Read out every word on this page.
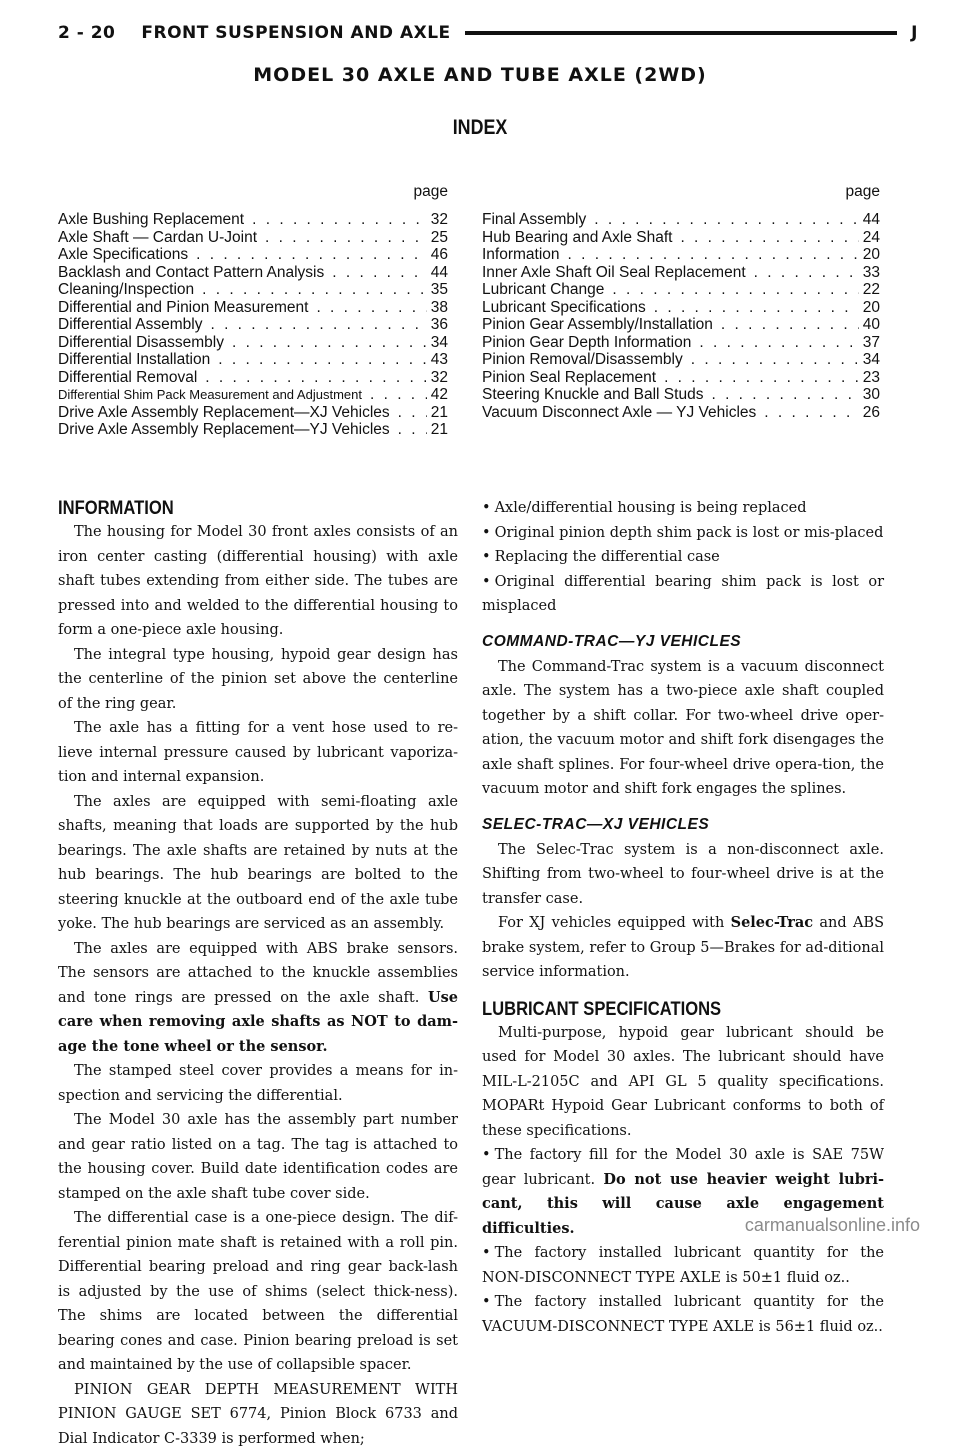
2 - 20 FRONT SUSPENSION AND AXLE	J
MODEL 30 AXLE AND TUBE AXLE (2WD)
INDEX
page
Axle Bushing Replacement . . .	32
Axle Shaft — Cardan U-Joint . . .	25
Axle Specifications . . .	46
Backlash and Contact Pattern Analysis . . .	44
Cleaning/Inspection . . .	35
Differential and Pinion Measurement . . .	38
Differential Assembly . . .	36
Differential Disassembly . . .	34
Differential Installation . . .	43
Differential Removal . . .	32
Differential Shim Pack Measurement and Adjustment . . .	42
Drive Axle Assembly Replacement—XJ Vehicles . . .	21
Drive Axle Assembly Replacement—YJ Vehicles . . .	21
page
Final Assembly . . .	44
Hub Bearing and Axle Shaft . . .	24
Information . . .	20
Inner Axle Shaft Oil Seal Replacement . . .	33
Lubricant Change . . .	22
Lubricant Specifications . . .	20
Pinion Gear Assembly/Installation . . .	40
Pinion Gear Depth Information . . .	37
Pinion Removal/Disassembly . . .	34
Pinion Seal Replacement . . .	23
Steering Knuckle and Ball Studs . . .	30
Vacuum Disconnect Axle — YJ Vehicles . . .	26
INFORMATION

The housing for Model 30 front axles consists of an iron center casting (differential housing) with axle shaft tubes extending from either side. The tubes are pressed into and welded to the differential housing to form a one-piece axle housing.

The integral type housing, hypoid gear design has the centerline of the pinion set above the centerline of the ring gear.

The axle has a fitting for a vent hose used to re-lieve internal pressure caused by lubricant vaporiza-tion and internal expansion.

The axles are equipped with semi-floating axle shafts, meaning that loads are supported by the hub bearings. The axle shafts are retained by nuts at the hub bearings. The hub bearings are bolted to the steering knuckle at the outboard end of the axle tube yoke. The hub bearings are serviced as an assembly.

The axles are equipped with ABS brake sensors. The sensors are attached to the knuckle assemblies and tone rings are pressed on the axle shaft. Use care when removing axle shafts as NOT to dam-age the tone wheel or the sensor.

The stamped steel cover provides a means for in-spection and servicing the differential.

The Model 30 axle has the assembly part number and gear ratio listed on a tag. The tag is attached to the housing cover. Build date identification codes are stamped on the axle shaft tube cover side.

The differential case is a one-piece design. The dif-ferential pinion mate shaft is retained with a roll pin. Differential bearing preload and ring gear back-lash is adjusted by the use of shims (select thick-ness). The shims are located between the differential bearing cones and case. Pinion bearing preload is set and maintained by the use of collapsible spacer.

PINION GEAR DEPTH MEASUREMENT WITH PINION GAUGE SET 6774, Pinion Block 6733 and Dial Indicator C-3339 is performed when;

• Axle/differential housing is being replaced

• Original pinion depth shim pack is lost or mis-placed

• Replacing the differential case

• Original differential bearing shim pack is lost or misplaced

COMMAND-TRAC—YJ VEHICLES

The Command-Trac system is a vacuum disconnect axle. The system has a two-piece axle shaft coupled together by a shift collar. For two-wheel drive oper-ation, the vacuum motor and shift fork disengages the axle shaft splines. For four-wheel drive opera-tion, the vacuum motor and shift fork engages the splines.

SELEC-TRAC—XJ VEHICLES

The Selec-Trac system is a non-disconnect axle. Shifting from two-wheel to four-wheel drive is at the transfer case.

For XJ vehicles equipped with Selec-Trac and ABS brake system, refer to Group 5—Brakes for ad-ditional service information.

LUBRICANT SPECIFICATIONS

Multi-purpose, hypoid gear lubricant should be used for Model 30 axles. The lubricant should have MIL-L-2105C and API GL 5 quality specifications. MOPARt Hypoid Gear Lubricant conforms to both of these specifications.

• The factory fill for the Model 30 axle is SAE 75W gear lubricant. Do not use heavier weight lubri-cant, this will cause axle engagement difficulties.

• The factory installed lubricant quantity for the NON-DISCONNECT TYPE AXLE is 50±1 fluid oz..

• The factory installed lubricant quantity for the VACUUM-DISCONNECT TYPE AXLE is 56±1 fluid oz..

carmanualsonline.info
